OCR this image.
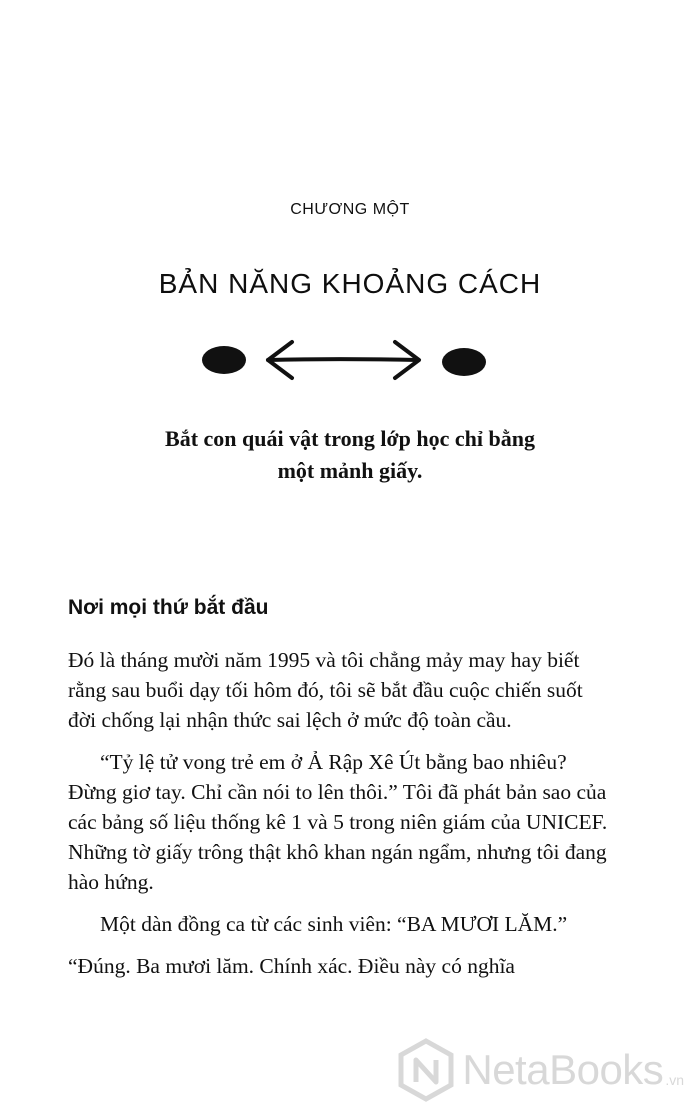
CHƯƠNG MỘT
BẢN NĂNG KHOẢNG CÁCH
Bắt con quái vật trong lớp học chỉ bằng
một mảnh giấy.
Nơi mọi thứ bắt đầu

Đó là tháng mười năm 1995 và tôi chẳng mảy may hay biết rằng sau buổi dạy tối hôm đó, tôi sẽ bắt đầu cuộc chiến suốt đời chống lại nhận thức sai lệch ở mức độ toàn cầu.

“Tỷ lệ tử vong trẻ em ở Ả Rập Xê Út bằng bao nhiêu? Đừng giơ tay. Chỉ cần nói to lên thôi.” Tôi đã phát bản sao của các bảng số liệu thống kê 1 và 5 trong niên giám của UNICEF. Những tờ giấy trông thật khô khan ngán ngẩm, nhưng tôi đang hào hứng.

Một dàn đồng ca từ các sinh viên: “BA MƯƠI LĂM.”

“Đúng. Ba mươi lăm. Chính xác. Điều này có nghĩa

NetaBooks .vn
